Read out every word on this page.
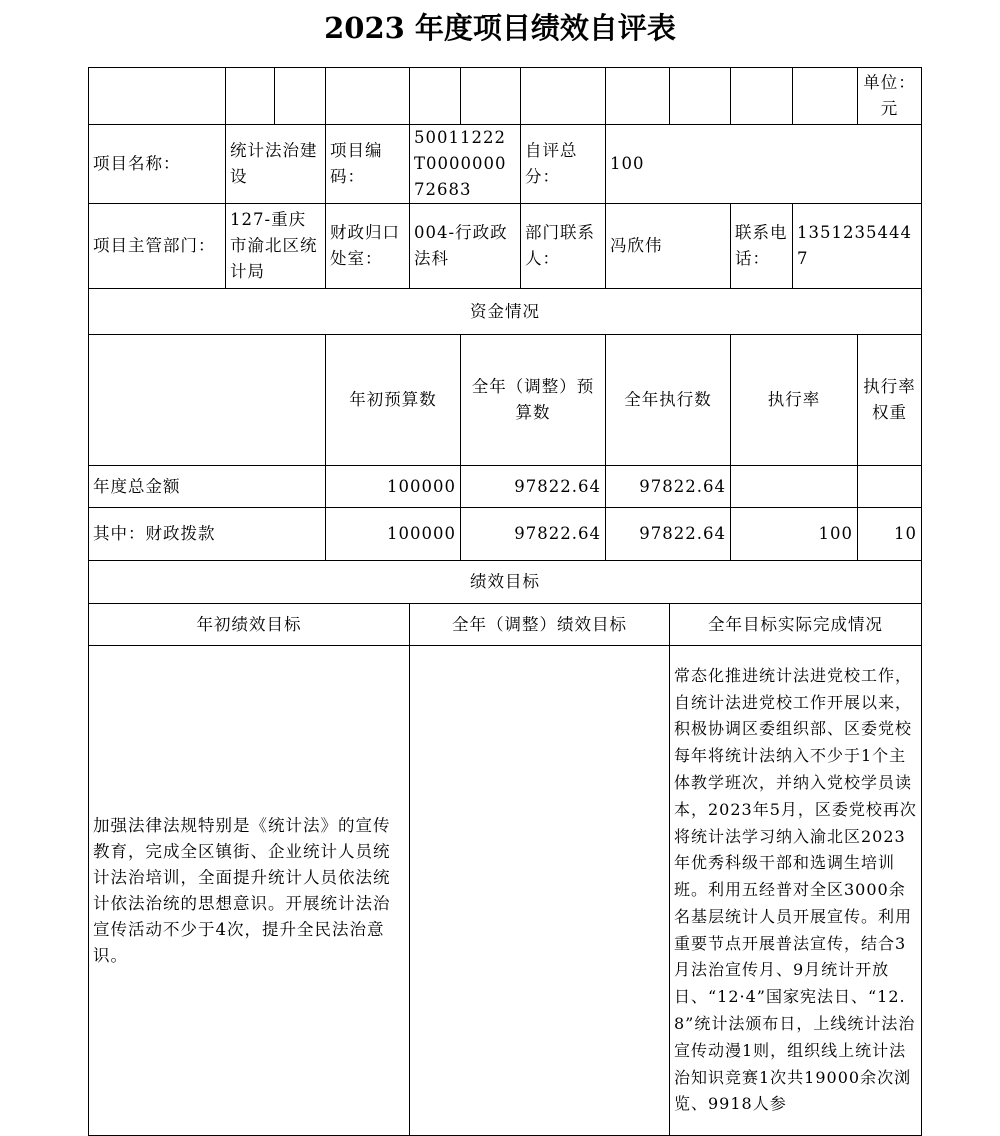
2023 年度项目绩效自评表
											单位：元	
项目名称：	统计法治建设		项目编码：	50011222T000000072683		自评总分：	100					
项目主管部门：	127-重庆市渝北区统计局		财政归口处室：	004-行政政法科		部门联系人：	冯欣伟		联系电话：	13512354447		
资金情况												
			年初预算数		全年（调整）预算数		全年执行数		执行率		执行率权重	
年度总金额			100000		97822.64		97822.64					
其中：财政拨款			100000		97822.64		97822.64		100		10	
绩效目标												
年初绩效目标				全年（调整）绩效目标				全年目标实际完成情况				
加强法律法规特别是《统计法》的宣传教育，完成全区镇街、企业统计人员统计法治培训，全面提升统计人员依法统计依法治统的思想意识。开展统计法治宣传活动不少于4次，提升全民法治意识。								常态化推进统计法进党校工作，自统计法进党校工作开展以来，积极协调区委组织部、区委党校每年将统计法纳入不少于1个主体教学班次，并纳入党校学员读本，2023年5月，区委党校再次将统计法学习纳入渝北区2023年优秀科级干部和选调生培训班。利用五经普对全区3000余名基层统计人员开展宣传。利用重要节点开展普法宣传，结合3月法治宣传月、9月统计开放日、“12·4”国家宪法日、“12.8”统计法颁布日，上线统计法治宣传动漫1则，组织线上统计法治知识竞赛1次共19000余次浏览、9918人参				
